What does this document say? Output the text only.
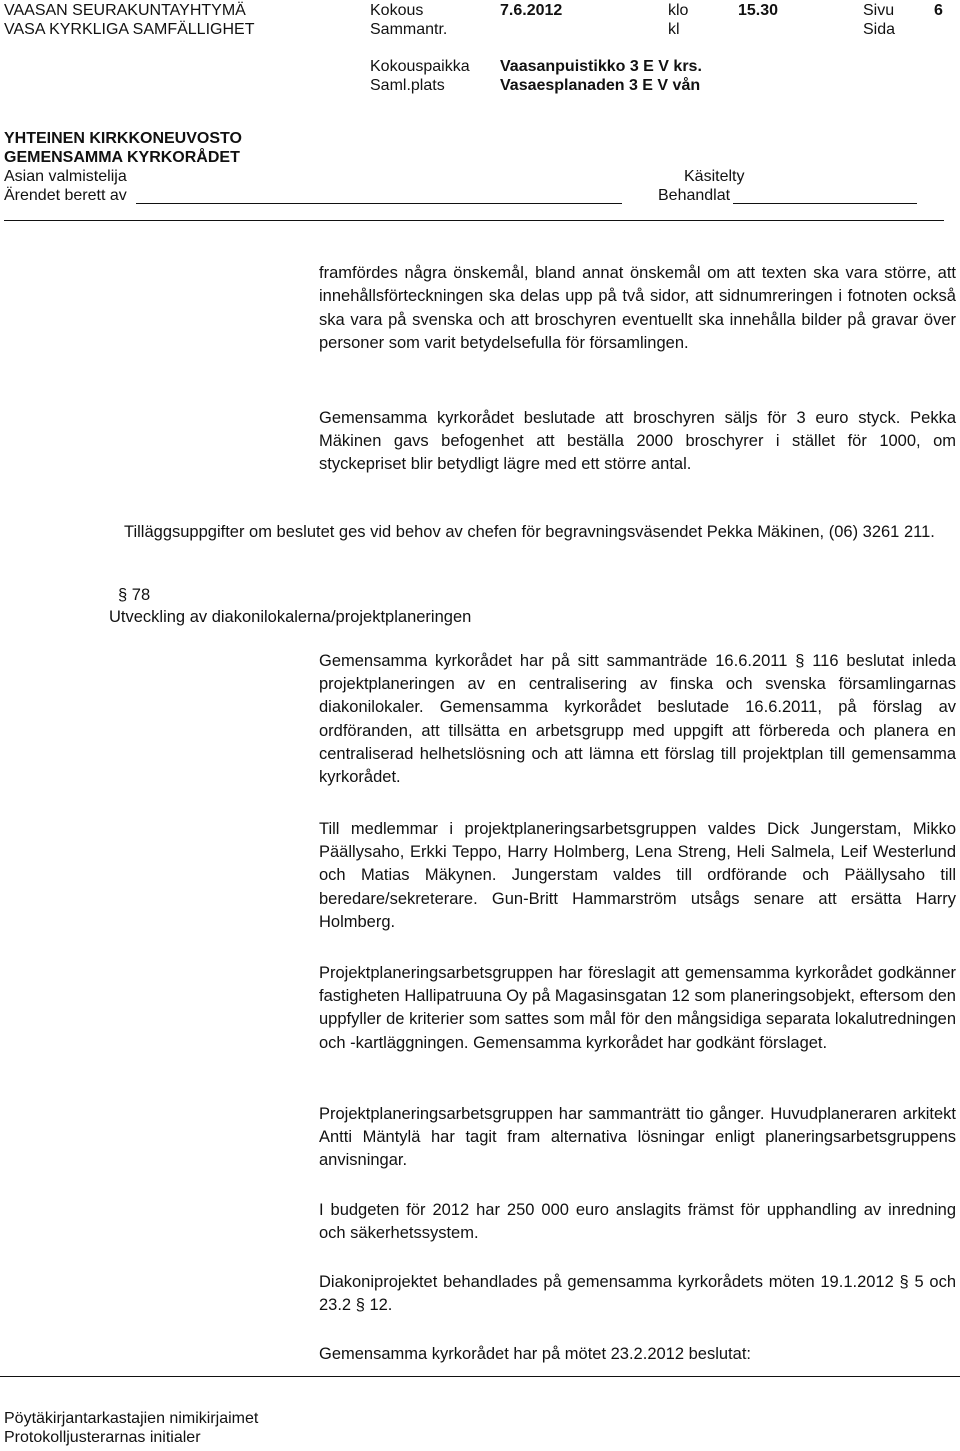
VAASAN SEURAKUNTAYHTYMÄ
VASA KYRKLIGA SAMFÄLLIGHET
Kokous
Sammantr.
7.6.2012	klo
kl
15.30	Sivu
Sida
6
Kokouspaikka
Saml.plats
Vaasanpuistikko 3 E V krs.
Vasaesplanaden 3 E V vån
YHTEINEN KIRKKONEUVOSTO
GEMENSAMMA KYRKORÅDET
Asian valmistelija
Ärendet berett av
Käsitelty
Behandlat
framfördes några önskemål, bland annat önskemål om att texten ska vara större, att innehållsförteckningen ska delas upp på två sidor, att sidnumreringen i fotnoten också ska vara på svenska och att broschyren eventuellt ska innehålla bilder på gravar över personer som varit betydelsefulla för församlingen.
Gemensamma kyrkorådet beslutade att broschyren säljs för 3 euro styck. Pekka Mäkinen gavs befogenhet att beställa 2000 broschyrer i stället för 1000, om styckepriset blir betydligt lägre med ett större antal.
Tilläggsuppgifter om beslutet ges vid behov av chefen för begravningsväsendet Pekka Mäkinen, (06) 3261 211.
§ 78
Utveckling av diakonilokalerna/projektplaneringen
Gemensamma kyrkorådet har på sitt sammanträde 16.6.2011 § 116 beslutat inleda projektplaneringen av en centralisering av finska och svenska församlingarnas diakonilokaler. Gemensamma kyrkorådet beslutade 16.6.2011, på förslag av ordföranden, att tillsätta en arbetsgrupp med uppgift att förbereda och planera en centraliserad helhetslösning och att lämna ett förslag till projektplan till gemensamma kyrkorådet.
Till medlemmar i projektplaneringsarbetsgruppen valdes Dick Jungerstam, Mikko Päällysaho, Erkki Teppo, Harry Holmberg, Lena Streng, Heli Salmela, Leif Westerlund och Matias Mäkynen. Jungerstam valdes till ordförande och Päällysaho till beredare/sekreterare. Gun-Britt Hammarström utsågs senare att ersätta Harry Holmberg.
Projektplaneringsarbetsgruppen har föreslagit att gemensamma kyrkorådet godkänner fastigheten Hallipatruuna Oy på Magasinsgatan 12 som planeringsobjekt, eftersom den uppfyller de kriterier som sattes som mål för den mångsidiga separata lokalutredningen och -kartläggningen. Gemensamma kyrkorådet har godkänt förslaget.
Projektplaneringsarbetsgruppen har sammanträtt tio gånger. Huvudplaneraren arkitekt Antti Mäntylä har tagit fram alternativa lösningar enligt planeringsarbetsgruppens anvisningar.
I budgeten för 2012 har 250 000 euro anslagits främst för upphandling av inredning och säkerhetssystem.
Diakoniprojektet behandlades på gemensamma kyrkorådets möten 19.1.2012 § 5 och 23.2 § 12.
Gemensamma kyrkorådet har på mötet 23.2.2012 beslutat:
Pöytäkirjantarkastajien nimikirjaimet
Protokolljusterarnas initialer
